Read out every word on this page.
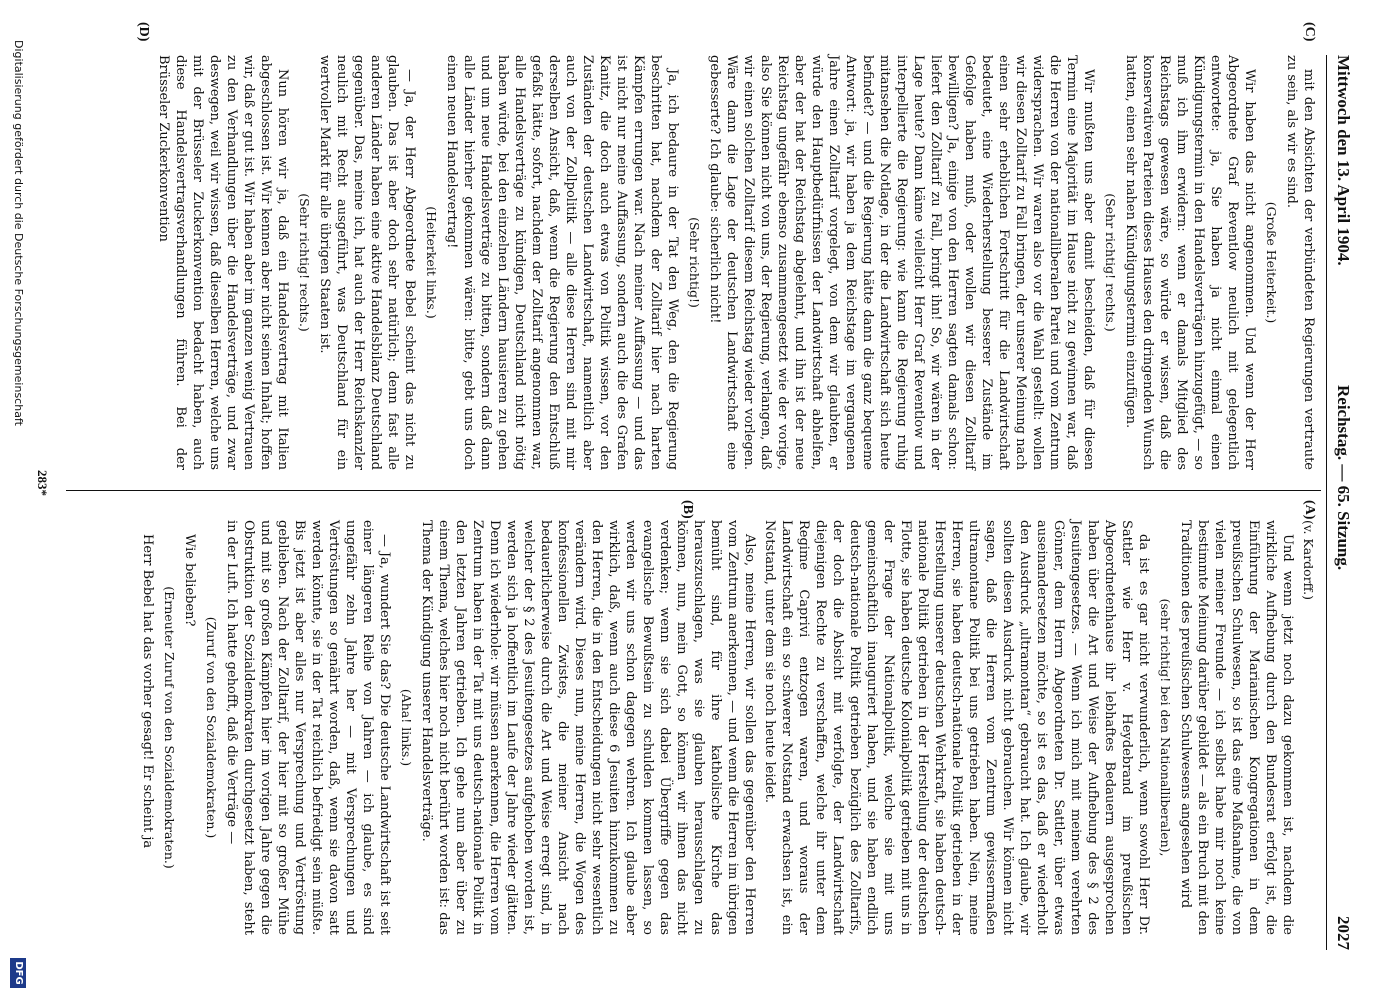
Mittwoch den 13. April 1904.
Reichstag. — 65. Sitzung.
2027
(C)
(D)
(A)
(B)

mit den Absichten der verbündeten Regierungen vertraute zu sein, als wir es sind.

(Große Heiterkeit.)

Wir haben das nicht angenommen. Und wenn der Herr Abgeordnete Graf Reventlow neulich mit gelegentlich entwortete: ja, Sie haben ja nicht einmal einen Kündigungstermin in den Handelsverträgen hinzugefügt, — so muß ich ihm erwidern: wenn er damals Mitglied des Reichstags gewesen wäre, so würde er wissen, daß die konservativen Parteien dieses Hauses den dringenden Wunsch hatten, einen sehr nahen Kündigungstermin einzufügen.

(Sehr richtig! rechts.)

Wir mußten uns aber damit bescheiden, daß für diesen Termin eine Majorität im Hause nicht zu gewinnen war, daß die Herren von der nationalliberalen Partei und vom Zentrum widersprachen. Wir waren also vor die Wahl gestellt: wollen wir diesen Zolltarif zu Fall bringen, der unserer Meinung nach einen sehr erheblichen Fortschritt für die Landwirtschaft bedeutet, eine Wiederherstellung besserer Zustände im Gefolge haben muß, oder wollen wir diesen Zolltarif bewilligen? Ja, einige von den Herren sagten damals schon: liefert den Zolltarif zu Fall, bringt ihn! So, wir wären in der Lage heute? Dann käme vielleicht Herr Graf Reventlow und interpellierte die Regierung: wie kann die Regierung ruhig mitansehen die Notlage, in der die Landwirtschaft sich heute befindet? — und die Regierung hätte dann die ganz bequeme Antwort: ja, wir haben ja dem Reichstage im vergangenen Jahre einen Zolltarif vorgelegt, von dem wir glaubten, er würde den Hauptbedürfnissen der Landwirtschaft abhelfen, aber der hat der Reichstag abgelehnt, und ihn ist der neue Reichstag ungefähr ebenso zusammengesetzt wie der vorige, also Sie können nicht von uns, der Regierung, verlangen, daß wir einen solchen Zolltarif diesem Reichstag wieder vorlegen. Wäre dann die Lage der deutschen Landwirtschaft eine gebesserte? Ich glaube: sicherlich nicht!

(Sehr richtig!)

Ja, ich bedaure in der Tat den Weg, den die Regierung beschritten hat, nachdem der Zolltarif hier nach harten Kämpfen errungen war. Nach meiner Auffassung — und das ist nicht nur meine Auffassung, sondern auch die des Grafen Kanitz, die doch auch etwas von Politik wissen, vor den Zuständen der deutschen Landwirtschaft, namentlich aber auch von der Zollpolitik — alle diese Herren sind mit mir derselben Ansicht, daß, wenn die Regierung den Entschluß gefaßt hätte, sofort, nachdem der Zolltarif angenommen war, alle Handelsverträge zu kündigen, Deutschland nicht nötig haben würde, bei den einzelnen Ländern hausieren zu gehen und um neue Handelsverträge zu bitten, sondern daß dann alle Länder hierher gekommen wären: bitte, gebt uns doch einen neuen Handelsvertrag!

(Heiterkeit links.)

— Ja, der Herr Abgeordnete Bebel scheint das nicht zu glauben. Das ist aber doch sehr natürlich; denn fast alle anderen Länder haben eine aktive Handelsbilanz Deutschland gegenüber. Das, meine ich, hat auch der Herr Reichskanzler neulich mit Recht ausgeführt, was Deutschland für ein wertvoller Markt für alle übrigen Staaten ist.

(Sehr richtig! rechts.)

Nun hören wir ja, daß ein Handelsvertrag mit Italien abgeschlossen ist. Wir kennen aber nicht seinen Inhalt; hoffen wir, daß er gut ist. Wir haben aber im ganzen wenig Vertrauen zu den Verhandlungen über die Handelsverträge, und zwar deswegen, weil wir wissen, daß dieselben Herren, welche uns mit der Brüsseler Zuckerkonvention bedacht haben, auch diese Handelsvertragsverhandlungen führen. Bei der Brüsseler Zuckerkonvention

(v. Kardorff.)

Und wenn jetzt noch dazu gekommen ist, nachdem die wirkliche Aufhebung durch den Bundesrat erfolgt ist, die Einführung der Marianischen Kongregationen in dem preußischen Schulwesen, so ist das eine Maßnahme, die von vielen meiner Freunde — ich selbst habe mir noch keine bestimmte Meinung darüber gebildet — als ein Bruch mit den Traditionen des preußischen Schulwesens angesehen wird

(sehr richtig! bei den Nationalliberalen),

da ist es gar nicht verwunderlich, wenn sowohl Herr Dr. Sattler wie Herr v. Heydebrand im preußischen Abgeordnetenhause ihr lebhaftes Bedauern ausgesprochen haben über die Art und Weise der Aufhebung des § 2 des Jesuitengesetzes. — Wenn ich mich mit meinem verehrten Gönner, dem Herrn Abgeordneten Dr. Sattler, über etwas auseinandersetzen möchte, so ist es das, daß er wiederholt den Ausdruck „ultramontan“ gebraucht hat. Ich glaube, wir sollten diesen Ausdruck nicht gebrauchen. Wir können nicht sagen, daß die Herren vom Zentrum gewissermaßen ultramontane Politik bei uns getrieben haben. Nein, meine Herren, sie haben deutsch-nationale Politik getrieben in der Herstellung unserer deutschen Wehrkraft, sie haben deutsch-nationale Politik getrieben in der Herstellung der deutschen Flotte, sie haben deutsche Kolonialpolitik getrieben mit uns in der Frage der Nationalpolitik, welche sie mit uns gemeinschaftlich inauguriert haben, und sie haben endlich deutsch-nationale Politik getrieben bezüglich des Zolltarifs, der doch die Absicht mit verfolgte, der Landwirtschaft diejenigen Rechte zu verschaffen, welche ihr unter dem Regime Caprivi entzogen waren, und woraus der Landwirtschaft ein so schwerer Notstand erwachsen ist, ein Notstand, unter dem sie noch heute leidet.

Also, meine Herren, wir sollen das gegenüber den Herren vom Zentrum anerkennen, — und wenn die Herren im übrigen bemüht sind, für ihre katholische Kirche das herauszuschlagen, was sie glauben herausschlagen zu können, nun, mein Gott, so können wir ihnen das nicht verdenken; wenn sie sich dabei Übergriffe gegen das evangelische Bewußtsein zu schulden kommen lassen, so werden wir uns schon dagegen wehren. Ich glaube aber wirklich, daß, wenn auch diese 6 Jesuiten hinzukommen zu den Herren, die in den Entscheidungen nicht sehr wesentlich verändern wird. Dieses nun, meine Herren, die Wogen des konfessionellen Zwistes, die meiner Ansicht nach bedauerlicherweise durch die Art und Weise erregt sind, in welcher der § 2 des Jesuitengesetzes aufgehoben worden ist, werden sich ja hoffentlich im Laufe der Jahre wieder glätten. Denn ich wiederhole: wir müssen anerkennen, die Herren vom Zentrum haben in der Tat mit uns deutsch-nationale Politik in den letzten Jahren getrieben. Ich gehe nun aber über zu einem Thema, welches hier noch nicht berührt worden ist: das Thema der Kündigung unserer Handelsverträge.

(Aha! links.)

— Ja, wundert Sie das? Die deutsche Landwirtschaft ist seit einer längeren Reihe von Jahren — ich glaube, es sind ungefähr zehn Jahre her — mit Versprechungen und Vertröstungen so genährt worden, daß, wenn sie davon satt werden könnte, sie in der Tat reichlich befriedigt sein müßte. Bis jetzt ist aber alles nur Versprechung und Vertröstung geblieben. Nach der Zolltarif, der hier mit so großer Mühe und mit so großen Kämpfen hier im vorigen Jahre gegen die Obstruktion der Sozialdemokraten durchgesetzt haben, steht in der Luft. Ich hatte gehofft, daß die Verträge —

(Zuruf von den Sozialdemokraten.)

Wie belieben?

(Erneuter Zuruf von den Sozialdemokraten.)

Herr Bebel hat das vorher gesagt! Er scheint ja

283*
Digitalisierung gefördert durch die Deutsche Forschungsgemeinschaft
DFG
